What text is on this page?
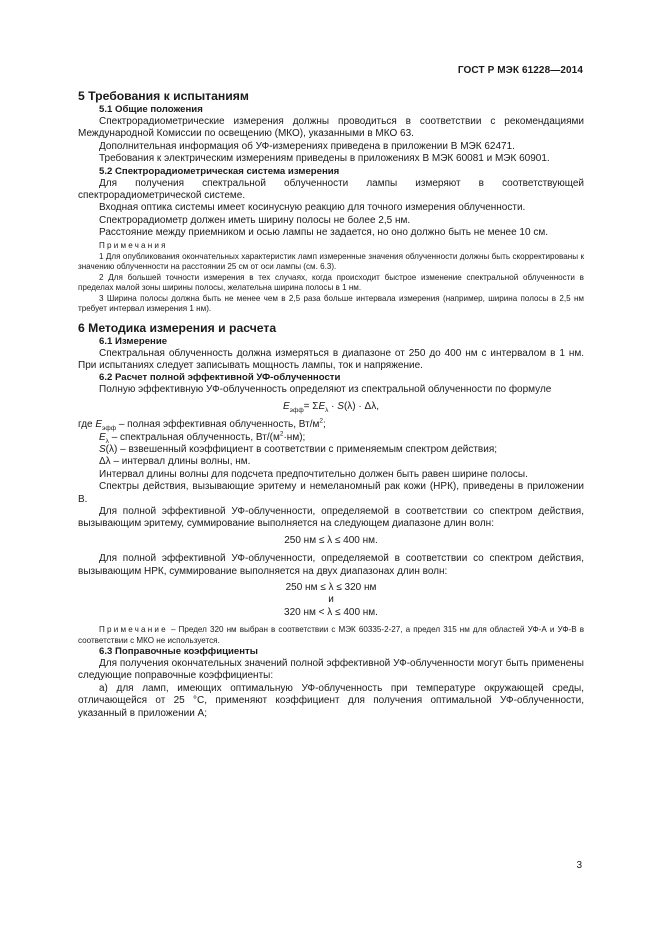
ГОСТ Р МЭК 61228—2014

5 Требования к испытаниям

5.1 Общие положения

Спектрорадиометрические измерения должны проводиться в соответствии с рекомендациями Международной Комиссии по освещению (МКО), указанными в МКО 63.

Дополнительная информация об УФ-измерениях приведена в приложении В МЭК 62471.

Требования к электрическим измерениям приведены в приложениях В МЭК 60081 и МЭК 60901.

5.2 Спектрорадиометрическая система измерения

Для получения спектральной облученности лампы измеряют в соответствующей спектрорадиометрической системе.

Входная оптика системы имеет косинусную реакцию для точного измерения облученности.

Спектрорадиометр должен иметь ширину полосы не более 2,5 нм.

Расстояние между приемником и осью лампы не задается, но оно должно быть не менее 10 см.

Примечания

1 Для опубликования окончательных характеристик ламп измеренные значения облученности должны быть скорректированы к значению облученности на расстоянии 25 см от оси лампы (см. 6.3).

2 Для большей точности измерения в тех случаях, когда происходит быстрое изменение спектральной облученности в пределах малой зоны ширины полосы, желательна ширина полосы в 1 нм.

3 Ширина полосы должна быть не менее чем в 2,5 раза больше интервала измерения (например, ширина полосы в 2,5 нм требует интервал измерения 1 нм).

6 Методика измерения и расчета

6.1 Измерение

Спектральная облученность должна измеряться в диапазоне от 250 до 400 нм с интервалом в 1 нм. При испытаниях следует записывать мощность лампы, ток и напряжение.

6.2 Расчет полной эффективной УФ-облученности

Полную эффективную УФ-облученность определяют из спектральной облученности по формуле

$E_{эфф}= \Sigma E_\lambda \cdot S(\lambda) \cdot \Delta\lambda$,

где $E_{эфф}$ – полная эффективная облученность, $Вт/м^2$;

$E_\lambda$ – спектральная облученность, $Вт/(м^2\cdot нм)$;

S(λ) – взвешенный коэффициент в соответствии с применяемым спектром действия;

Δλ – интервал длины волны, нм.

Интервал длины волны для подсчета предпочтительно должен быть равен ширине полосы.

Спектры действия, вызывающие эритему и немеланомный рак кожи (НРК), приведены в приложении В.

Для полной эффективной УФ-облученности, определяемой в соответствии со спектром действия, вызывающим эритему, суммирование выполняется на следующем диапазоне длин волн:

250 нм ≤ λ ≤ 400 нм.

Для полной эффективной УФ-облученности, определяемой в соответствии со спектром действия, вызывающим НРК, суммирование выполняется на двух диапазонах длин волн:

250 нм ≤ λ ≤ 320 нм

и

320 нм < λ ≤ 400 нм.

Примечание – Предел 320 нм выбран в соответствии с МЭК 60335-2-27, а предел 315 нм для областей УФ-А и УФ-В в соответствии с МКО не используется.

6.3 Поправочные коэффициенты

Для получения окончательных значений полной эффективной УФ-облученности могут быть применены следующие поправочные коэффициенты:

а) для ламп, имеющих оптимальную УФ-облученность при температуре окружающей среды, отличающейся от 25 °С, применяют коэффициент для получения оптимальной УФ-облученности, указанный в приложении А;

3
